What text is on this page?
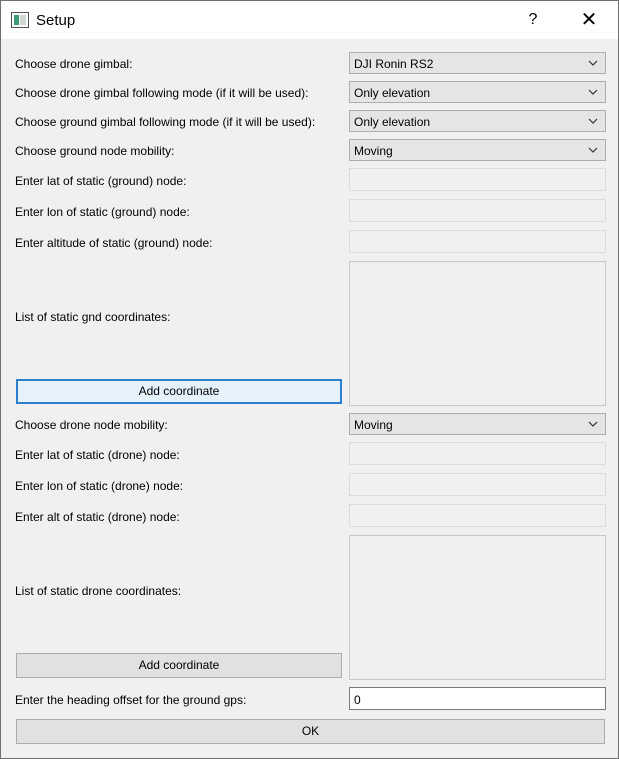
Setup	?	✕
Choose drone gimbal:	DJI Ronin RS2
Choose drone gimbal following mode (if it will be used):	Only elevation
Choose ground gimbal following mode (if it will be used):	Only elevation
Choose ground node mobility:	Moving
Enter lat of static (ground) node:
Enter lon of static (ground) node:
Enter altitude of static (ground) node:
List of static gnd coordinates:
Add coordinate
Choose drone node mobility:	Moving
Enter lat of static (drone) node:
Enter lon of static (drone) node:
Enter alt of static (drone) node:
List of static drone coordinates:
Add coordinate
Enter the heading offset for the ground gps:	0
OK
